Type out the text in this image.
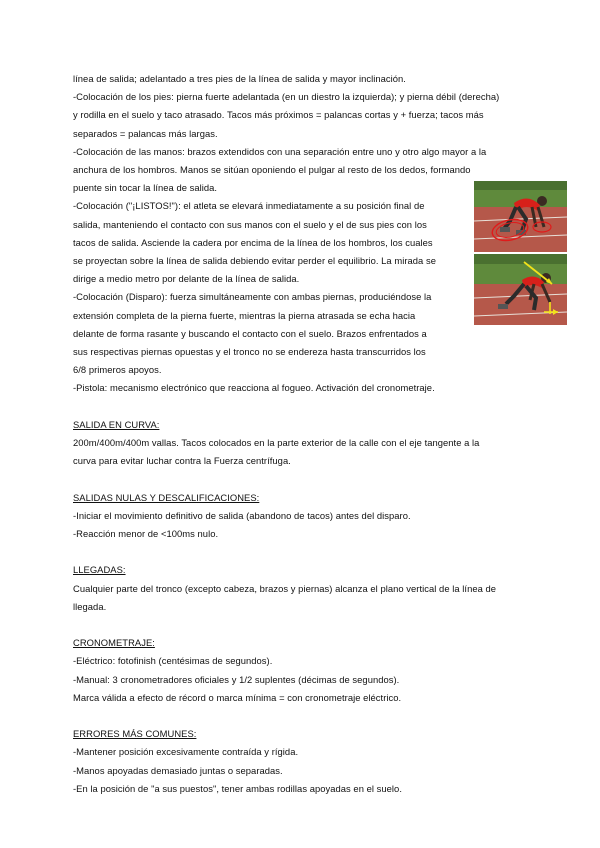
línea de salida; adelantado a tres pies de la línea de salida y mayor inclinación.
-Colocación de los pies: pierna fuerte adelantada (en un diestro la izquierda); y pierna débil (derecha)
y rodilla en el suelo y taco atrasado. Tacos más próximos = palancas cortas y + fuerza; tacos más
separados = palancas más largas.
-Colocación de las manos: brazos extendidos con una separación entre uno y otro algo mayor a la
anchura de los hombros. Manos se sitúan oponiendo el pulgar al resto de los dedos, formando
puente sin tocar la línea de salida.
-Colocación ("¡LISTOS!"): el atleta se elevará inmediatamente a su posición final de
salida, manteniendo el contacto con sus manos con el suelo y el de sus pies con los
tacos de salida. Asciende la cadera por encima de la línea de los hombros, los cuales
se proyectan sobre la línea de salida debiendo evitar perder el equilibrio. La mirada se
dirige a medio metro por delante de la línea de salida.
-Colocación (Disparo): fuerza simultáneamente con ambas piernas, produciéndose la
extensión completa de la pierna fuerte, mientras la pierna atrasada se echa hacia
delante de forma rasante y buscando el contacto con el suelo. Brazos enfrentados a
sus respectivas piernas opuestas y el tronco no se endereza hasta transcurridos los
6/8 primeros apoyos.
-Pistola: mecanismo electrónico que reacciona al fogueo. Activación del cronometraje.
SALIDA EN CURVA:
200m/400m/400m vallas. Tacos colocados en la parte exterior de la calle con el eje tangente a la
curva para evitar luchar contra la Fuerza centrífuga.
SALIDAS NULAS Y DESCALIFICACIONES:
-Iniciar el movimiento definitivo de salida (abandono de tacos) antes del disparo.
-Reacción menor de <100ms nulo.
LLEGADAS:
Cualquier parte del tronco (excepto cabeza, brazos y piernas) alcanza el plano vertical de la línea de
llegada.
CRONOMETRAJE:
-Eléctrico: fotofinish (centésimas de segundos).
-Manual: 3 cronometradores oficiales y 1/2 suplentes (décimas de segundos).
Marca válida a efecto de récord o marca mínima = con cronometraje eléctrico.
ERRORES MÁS COMUNES:
-Mantener posición excesivamente contraída y rígida.
-Manos apoyadas demasiado juntas o separadas.
-En la posición de "a sus puestos", tener ambas rodillas apoyadas en el suelo.
